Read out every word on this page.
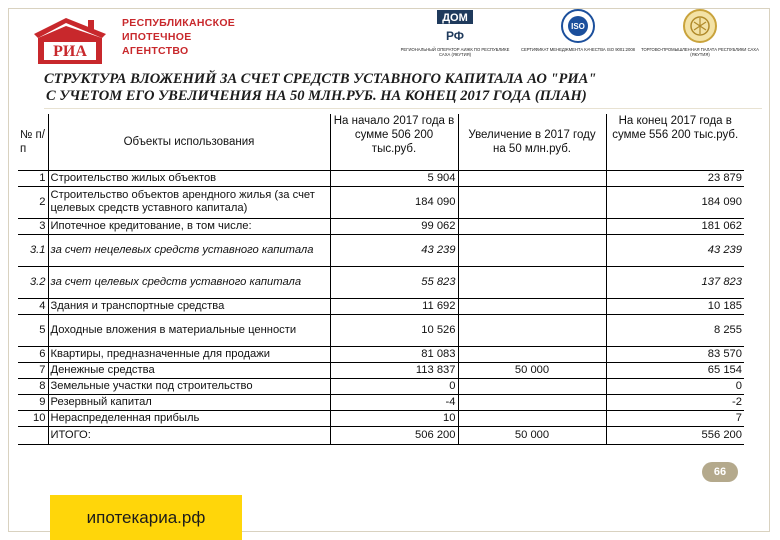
РИА
РЕСПУБЛИКАНСКОЕ
ИПОТЕЧНОЕ
АГЕНТСТВО
ДОМ
РФ
РЕГИОНАЛЬНЫЙ ОПЕРАТОР АИЖК ПО РЕСПУБЛИКЕ САХА (ЯКУТИЯ)
ISO
СЕРТИФИКАТ МЕНЕДЖМЕНТА КАЧЕСТВА ISO 9001:2008	ТОРГОВО-ПРОМЫШЛЕННАЯ ПАЛАТА РЕСПУБЛИКИ САХА (ЯКУТИЯ)
СТРУКТУРА ВЛОЖЕНИЙ ЗА СЧЕТ СРЕДСТВ УСТАВНОГО КАПИТАЛА АО "РИА"
С УЧЕТОМ ЕГО УВЕЛИЧЕНИЯ НА 50 МЛН.РУБ. НА КОНЕЦ 2017 ГОДА (ПЛАН)
№ п/п	Объекты использования	На начало 2017 года в сумме 506 200 тыс.руб.	Увеличение в 2017 году на 50 млн.руб.	На конец 2017 года в сумме 556 200 тыс.руб.
1	Строительство жилых объектов	5 904		23 879
2	Строительство объектов арендного жилья (за счет целевых средств уставного капитала)	184 090		184 090
3	Ипотечное кредитование, в том числе:	99 062		181 062
3.1	за счет нецелевых средств уставного капитала	43 239		43 239
3.2	за счет целевых средств уставного капитала	55 823		137 823
4	Здания и транспортные средства	11 692		10 185
5	Доходные вложения в материальные ценности	10 526		8 255
6	Квартиры, предназначенные для продажи	81 083		83 570
7	Денежные средства	113 837	50 000	65 154
8	Земельные участки под строительство	0		0
9	Резервный капитал	-4		-2
10	Нераспределенная прибыль	10		7
	ИТОГО:	506 200	50 000	556 200
66
ипотекариа.рф
